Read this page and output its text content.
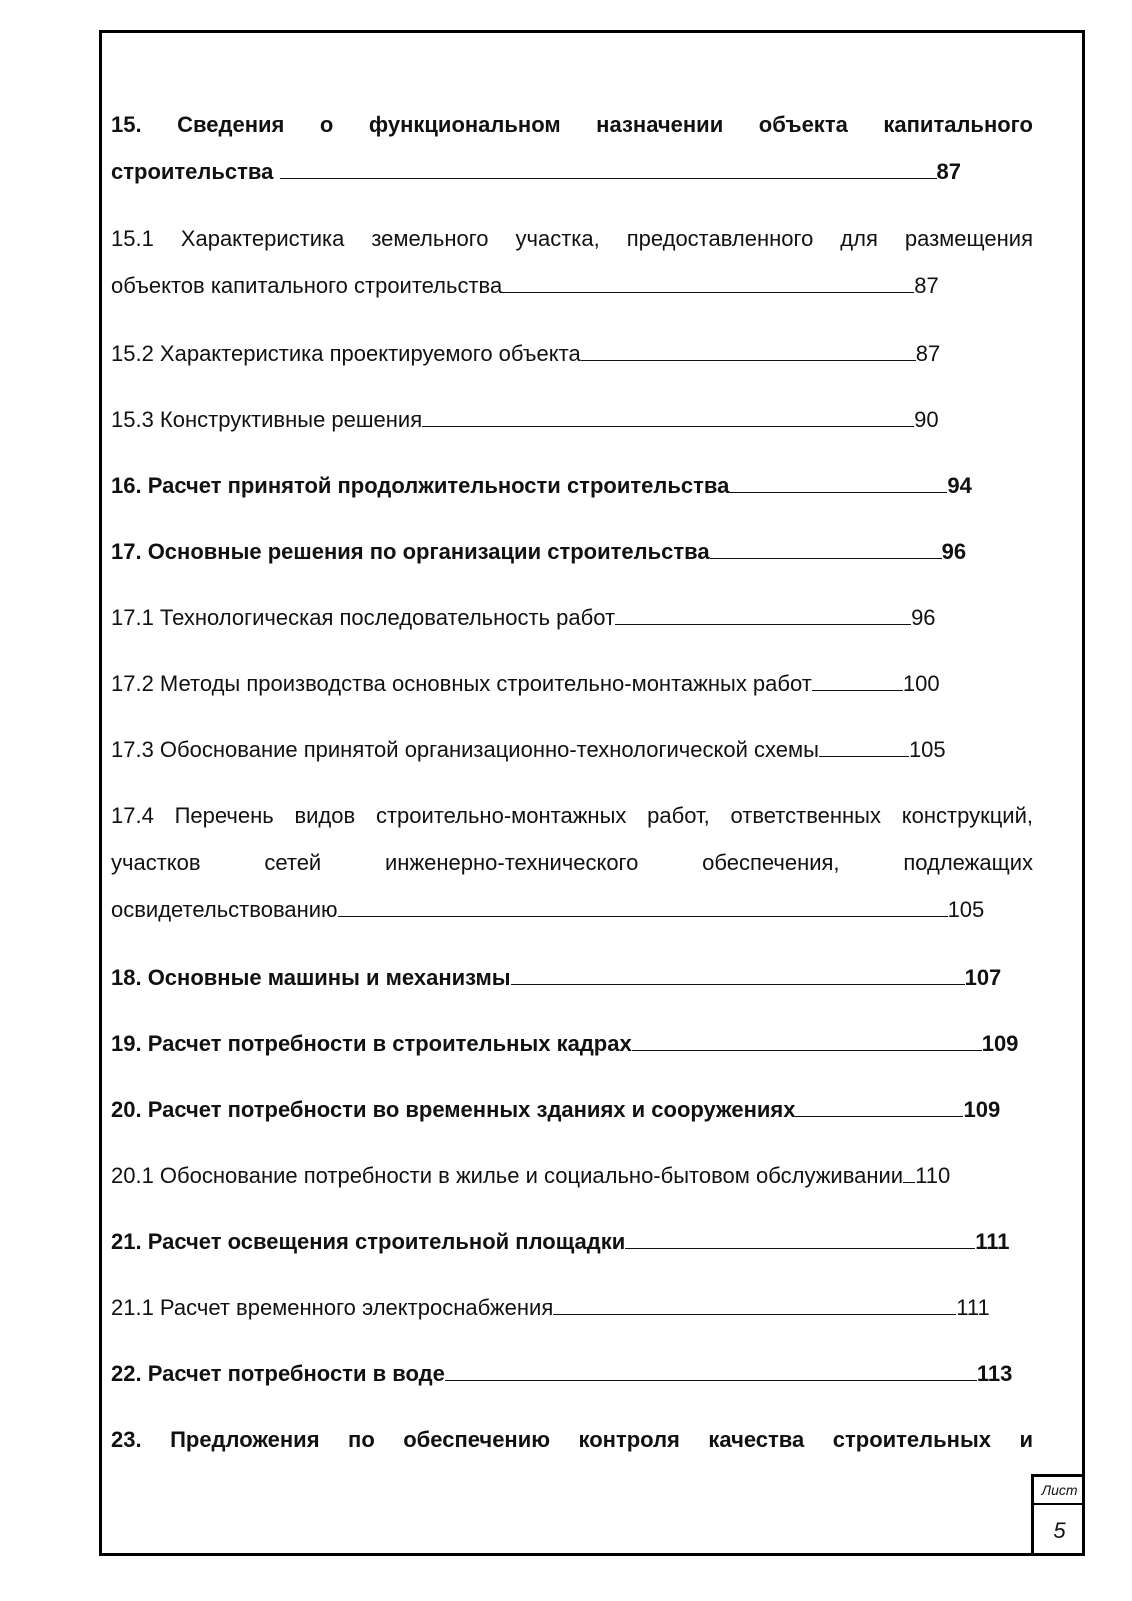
15. Сведения о функциональном назначении объекта капитального
строительства	87
15.1 Характеристика земельного участка, предоставленного для размещения
объектов капитального строительства	87
15.2 Характеристика проектируемого объекта	87
15.3 Конструктивные решения	90
16. Расчет принятой продолжительности строительства	94
17. Основные решения по организации строительства	96
17.1 Технологическая последовательность работ	96
17.2 Методы производства основных строительно-монтажных работ	100
17.3 Обоснование принятой организационно-технологической схемы	105
17.4 Перечень видов строительно-монтажных работ, ответственных конструкций,
участков сетей инженерно-технического обеспечения, подлежащих
освидетельствованию	105
18. Основные машины и механизмы	107
19. Расчет потребности в строительных кадрах	109
20. Расчет потребности во временных зданиях и сооружениях	109
20.1 Обоснование потребности в жилье и социально-бытовом обслуживании 110
21. Расчет освещения строительной площадки	111
21.1 Расчет временного электроснабжения	111
22. Расчет потребности в воде	113
23. Предложения по обеспечению контроля качества строительных и
Лист
5
